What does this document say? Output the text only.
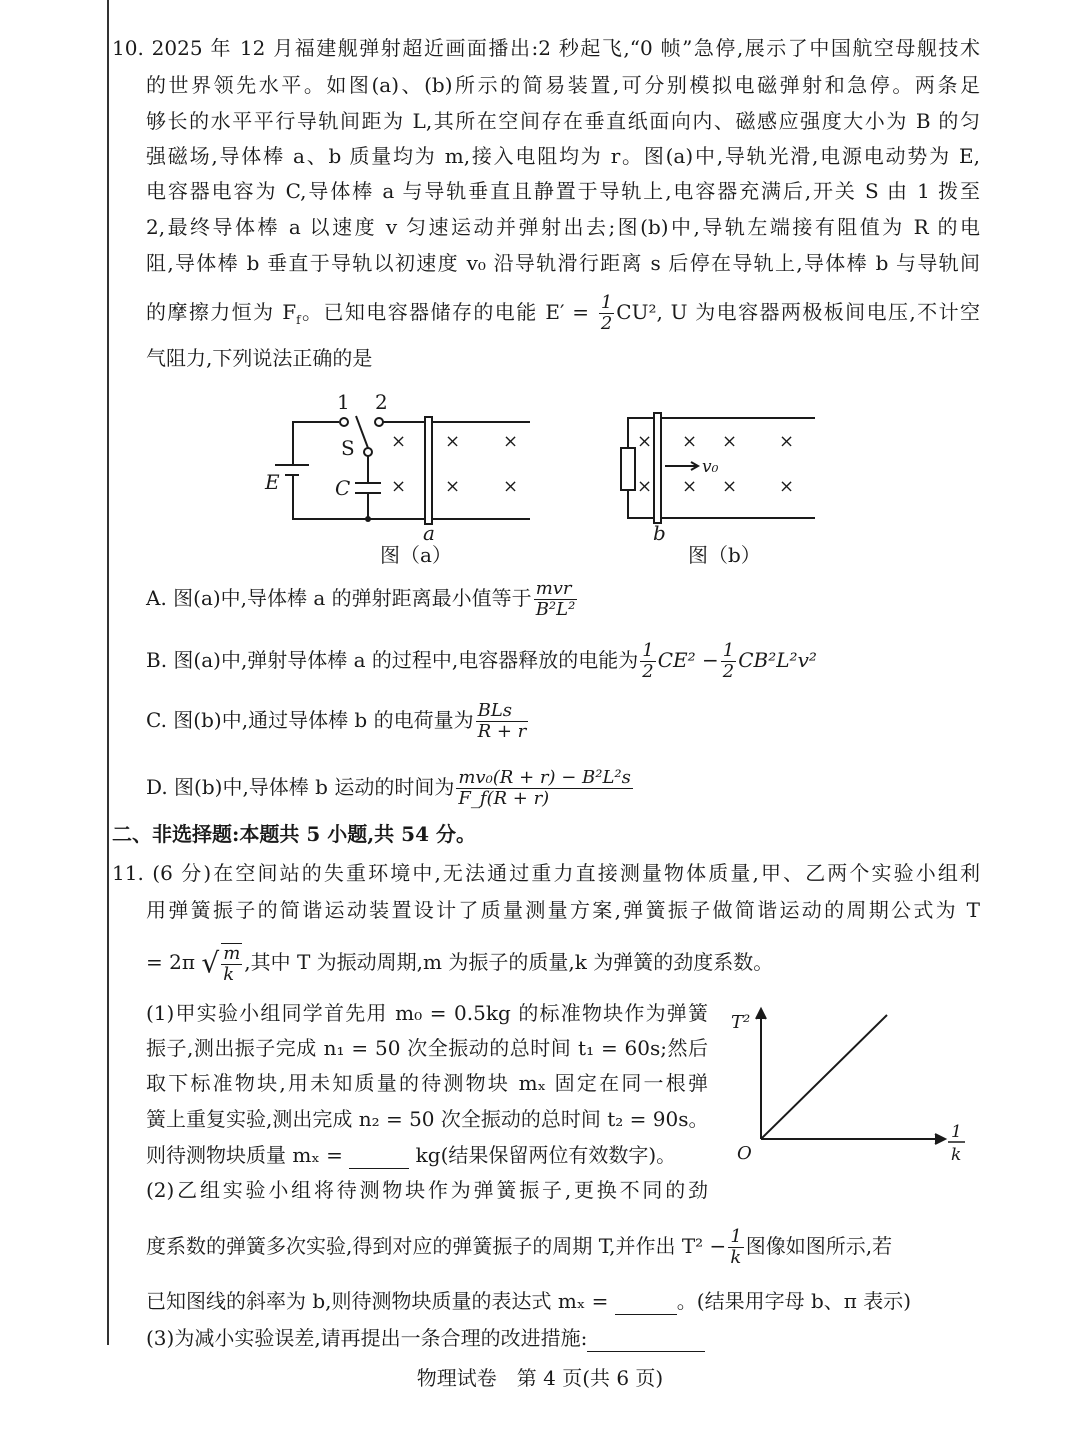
10. 2025 年 12 月福建舰弹射超近画面播出:2 秒起飞,“0 帧”急停,展示了中国航空母舰技术
的世界领先水平。如图(a)、(b)所示的简易装置,可分别模拟电磁弹射和急停。两条足
够长的水平平行导轨间距为 L,其所在空间存在垂直纸面向内、磁感应强度大小为 B 的匀
强磁场,导体棒 a、b 质量均为 m,接入电阻均为 r。图(a)中,导轨光滑,电源电动势为 E,
电容器电容为 C,导体棒 a 与导轨垂直且静置于导轨上,电容器充满后,开关 S 由 1 拨至
2,最终导体棒 a 以速度 v 匀速运动并弹射出去;图(b)中,导轨左端接有阻值为 R 的电
阻,导体棒 b 垂直于导轨以初速度 v₀ 沿导轨滑行距离 s 后停在导轨上,导体棒 b 与导轨间
的摩擦力恒为 $F_f$。已知电容器储存的电能 $E' = \frac{1}{2} CU^2$, U 为电容器两极板间电压,不计空
气阻力,下列说法正确的是
1 2
S
E	C
a
图（a）
× × ×
× × ×
v₀
b
图（b）
× × × ×
× × × ×
A. 图(a)中,导体棒 a 的弹射距离最小值等于 $\frac{\text{mvr}}{\text{B²L²}}$
B. 图(a)中,弹射导体棒 a 的过程中,电容器释放的电能为 $\frac{1}{2} CE^2 - \frac{1}{2} CB^2L^2v^2$
C. 图(b)中,通过导体棒 b 的电荷量为 $\frac{\text{BLs}}{R + r}$
D. 图(b)中,导体棒 b 运动的时间为 $\frac{\text{mv₀(R + r) − B²L²s}}{F\_f(R + r)}$
二、非选择题:本题共 5 小题,共 54 分。
11. (6 分)在空间站的失重环境中,无法通过重力直接测量物体质量,甲、乙两个实验小组利
用弹簧振子的简谐运动装置设计了质量测量方案,弹簧振子做简谐运动的周期公式为 T
= 2π √ $\frac{m}{k}$ ,其中 T 为振动周期,m 为振子的质量,k 为弹簧的劲度系数。
(1)甲实验小组同学首先用 m₀ = 0.5kg 的标准物块作为弹簧
振子,测出振子完成 n₁ = 50 次全振动的总时间 t₁ = 60s;然后
取下标准物块,用未知质量的待测物块 mₓ 固定在同一根弹
簧上重复实验,测出完成 n₂ = 50 次全振动的总时间 t₂ = 90s。
则待测物块质量 mₓ =	kg(结果保留两位有效数字)。
(2)乙组实验小组将待测物块作为弹簧振子,更换不同的劲
度系数的弹簧多次实验,得到对应的弹簧振子的周期 T,并作出 $T^2 - \frac{1}{k}$ 图像如图所示,若
已知图线的斜率为 b,则待测物块质量的表达式 mₓ =	。(结果用字母 b、π 表示)
(3)为减小实验误差,请再提出一条合理的改进措施:
T²
O
1
k
物理试卷　第 4 页(共 6 页)
